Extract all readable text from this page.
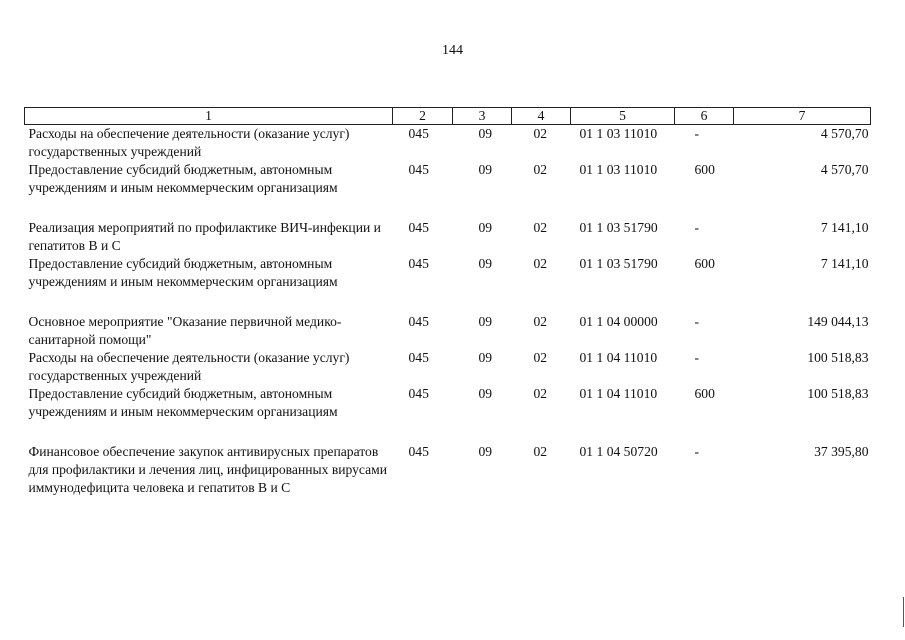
144
1	2	3	4	5	6	7
Расходы на обеспечение деятельности (оказание услуг) государственных учреждений	045	09	02	01 1 03 11010	-	4 570,70
Предоставление субсидий бюджетным, автономным учреждениям и иным некоммерческим организациям	045	09	02	01 1 03 11010	600	4 570,70

Реализация мероприятий по профилактике ВИЧ-инфекции и гепатитов В и С	045	09	02	01 1 03 51790	-	7 141,10
Предоставление субсидий бюджетным, автономным учреждениям и иным некоммерческим организациям	045	09	02	01 1 03 51790	600	7 141,10

Основное мероприятие "Оказание первичной медико-санитарной помощи"	045	09	02	01 1 04 00000	-	149 044,13
Расходы на обеспечение деятельности (оказание услуг) государственных учреждений	045	09	02	01 1 04 11010	-	100 518,83
Предоставление субсидий бюджетным, автономным учреждениям и иным некоммерческим организациям	045	09	02	01 1 04 11010	600	100 518,83

Финансовое обеспечение закупок антивирусных препаратов для профилактики и лечения лиц, инфицированных вирусами иммунодефицита человека и гепатитов В и С	045	09	02	01 1 04 50720	-	37 395,80
